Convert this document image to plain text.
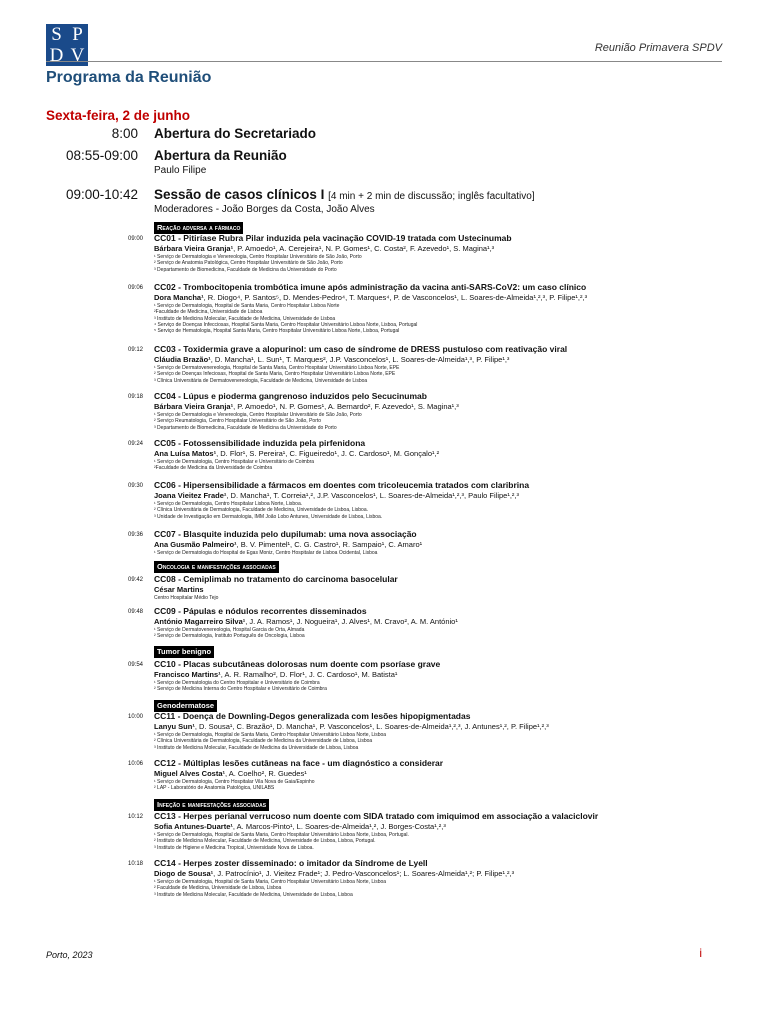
S P
D V	Reunião Primavera SPDV
Programa da Reunião
Sexta-feira, 2 de junho
8:00 Abertura do Secretariado
08:55-09:00 Abertura da Reunião
Paulo Filipe
09:00-10:42 Sessão de casos clínicos I [4 min + 2 min de discussão; inglês facultativo]
Moderadores - João Borges da Costa, João Alves
Reação adversa a fármaco
Oncologia e manifestações associadas
Tumor benigno
Genodermatose
Infeção e manifestações associadas
09:00 CC01 - Pitiríase Rubra Pilar induzida pela vacinação COVID-19 tratada com Ustecinumab
Bárbara Vieira Granja¹, P. Amoedo¹, A. Cerejeira¹, N. P. Gomes¹, C. Costa², F. Azevedo¹, S. Magina¹,³
¹ Serviço de Dermatologia e Venereologia, Centro Hospitalar Universitário de São João, Porto
² Serviço de Anatomia Patológica, Centro Hospitalar Universitário de São João, Porto
³ Departamento de Biomedicina, Faculdade de Medicina da Universidade do Porto
09:06 CC02 - Trombocitopenia trombótica imune após administração da vacina anti-SARS-CoV2: um caso clínico
Dora Mancha¹, R. Diogo⁴, P. Santos⁵, D. Mendes-Pedro⁴, T. Marques⁴, P. de Vasconcelos¹, L. Soares-de-Almeida¹,²,³, P. Filipe¹,²,³
¹ Serviço de Dermatologia, Hospital de Santa Maria, Centro Hospitalar Lisboa Norte
²Faculdade de Medicina, Universidade de Lisboa
³ Instituto de Medicina Molecular, Faculdade de Medicina, Universidade de Lisboa
⁴ Serviço de Doenças Infecciosas, Hospital Santa Maria, Centro Hospitalar Universitário Lisboa Norte, Lisboa, Portugal
⁵ Serviço de Hematologia, Hospital Santa Maria, Centro Hospitalar Universitário Lisboa Norte, Lisboa, Portugal
09:12 CC03 - Toxidermia grave a alopurinol: um caso de síndrome de DRESS pustuloso com reativação viral
Cláudia Brazão¹, D. Mancha¹, L. Sun¹, T. Marques², J.P. Vasconcelos¹, L. Soares-de-Almeida¹,³, P. Filipe¹,³
¹ Serviço de Dermatovenereologia, Hospital de Santa Maria, Centro Hospitalar Universitário Lisboa Norte, EPE
² Serviço de Doenças Infeciosas, Hospital de Santa Maria, Centro Hospitalar Universitário Lisboa Norte, EPE
³ Clínica Universitária de Dermatovenereologia, Faculdade de Medicina, Universidade de Lisboa
09:18 CC04 - Lúpus e pioderma gangrenoso induzidos pelo Secucinumab
Bárbara Vieira Granja¹, P. Amoedo¹, N. P. Gomes¹, A. Bernardo², F. Azevedo¹, S. Magina¹,³
¹ Serviço de Dermatologia e Venereologia, Centro Hospitalar Universitário de São João, Porto
² Serviço Reumatologia, Centro Hospitalar Universitário de São João, Porto
³ Departamento de Biomedicina, Faculdade de Medicina da Universidade do Porto
09:24 CC05 - Fotossensibilidade induzida pela pirfenidona
Ana Luísa Matos¹, D. Flor¹, S. Pereira¹, C. Figueiredo¹, J. C. Cardoso¹, M. Gonçalo¹,²
¹ Serviço de Dermatologia, Centro Hospitalar e Universitário de Coimbra
²Faculdade de Medicina da Universidade de Coimbra
09:30 CC06 - Hipersensibilidade a fármacos em doentes com tricoleucemia tratados com claribrina
Joana Vieitez Frade¹, D. Mancha¹, T. Correia¹,², J.P. Vasconcelos¹, L. Soares-de-Almeida¹,²,³, Paulo Filipe¹,²,³
¹ Serviço de Dermatologia, Centro Hospitalar Lisboa Norte, Lisboa.
² Clínica Universitária de Dermatologia, Faculdade de Medicina, Universidade de Lisboa, Lisboa.
³ Unidade de Investigação em Dermatologia, IMM João Lobo Antunes, Universidade de Lisboa, Lisboa.
09:36 CC07 - Blasquite induzida pelo dupilumab: uma nova associação
Ana Gusmão Palmeiro¹, B. V. Pimentel¹, C. G. Castro¹, R. Sampaio¹, C. Amaro¹
¹ Serviço de Dermatologia do Hospital de Egas Moniz, Centro Hospitalar de Lisboa Ocidental, Lisboa
09:42 CC08 - Cemiplimab no tratamento do carcinoma basocelular
César Martins
Centro Hospitalar Médio Tejo
09:48 CC09 - Pápulas e nódulos recorrentes disseminados
António Magarreiro Silva¹, J. A. Ramos¹, J. Nogueira¹, J. Alves¹, M. Cravo², A. M. António¹
¹ Serviço de Dermatovenereologia, Hospital Garcia de Orta, Almada
² Serviço de Dermatologia, Instituto Português de Oncologia, Lisboa
09:54 CC10 - Placas subcutâneas dolorosas num doente com psoríase grave
Francisco Martins¹, A. R. Ramalho², D. Flor¹, J. C. Cardoso¹, M. Batista¹
¹ Serviço de Dermatologia do Centro Hospitalar e Universitário de Coimbra
² Serviço de Medicina Interna do Centro Hospitalar e Universitário de Coimbra
10:00 CC11 - Doença de Downling-Degos generalizada com lesões hipopigmentadas
Lanyu Sun¹, D. Sousa¹, C. Brazão¹, D. Mancha¹, P. Vasconcelos¹, L. Soares-de-Almeida¹,²,³, J. Antunes¹,², P. Filipe¹,²,³
¹ Serviço de Dermatologia, Hospital de Santa Maria, Centro Hospitalar Universitário Lisboa Norte, Lisboa
² Clínica Universitária de Dermatologia, Faculdade de Medicina da Universidade de Lisboa, Lisboa
³ Instituto de Medicina Molecular, Faculdade de Medicina da Universidade de Lisboa, Lisboa
10:06 CC12 - Múltiplas lesões cutâneas na face - um diagnóstico a considerar
Miguel Alves Costa¹, A. Coelho², R. Guedes¹
¹ Serviço de Dermatologia, Centro Hospitalar Vila Nova de Gaia/Espinho
² LAP - Laboratório de Anatomia Patológica, UNILABS
10:12 CC13 - Herpes perianal verrucoso num doente com SIDA tratado com imiquimod em associação a valaciclovir
Sofia Antunes-Duarte¹, A. Marcos-Pinto¹, L. Soares-de-Almeida¹,², J. Borges-Costa¹,²,³
¹ Serviço de Dermatologia, Hospital de Santa Maria, Centro Hospitalar Universitário Lisboa Norte, Lisboa, Portugal.
² Instituto de Medicina Molecular, Faculdade de Medicina, Universidade de Lisboa, Lisboa, Portugal.
³ Instituto de Higiene e Medicina Tropical, Universidade Nova de Lisboa.
10:18 CC14 - Herpes zoster disseminado: o imitador da Síndrome de Lyell
Diogo de Sousa¹, J. Patrocínio¹, J. Vieitez Frade¹; J. Pedro-Vasconcelos¹; L. Soares-Almeida¹,²; P. Filipe¹,²,³
¹ Serviço de Dermatologia, Hospital de Santa Maria, Centro Hospitalar Universitário Lisboa Norte, Lisboa
² Faculdade de Medicina, Universidade de Lisboa, Lisboa
³ Instituto de Medicina Molecular, Faculdade de Medicina, Universidade de Lisboa, Lisboa
Porto, 2023	i
